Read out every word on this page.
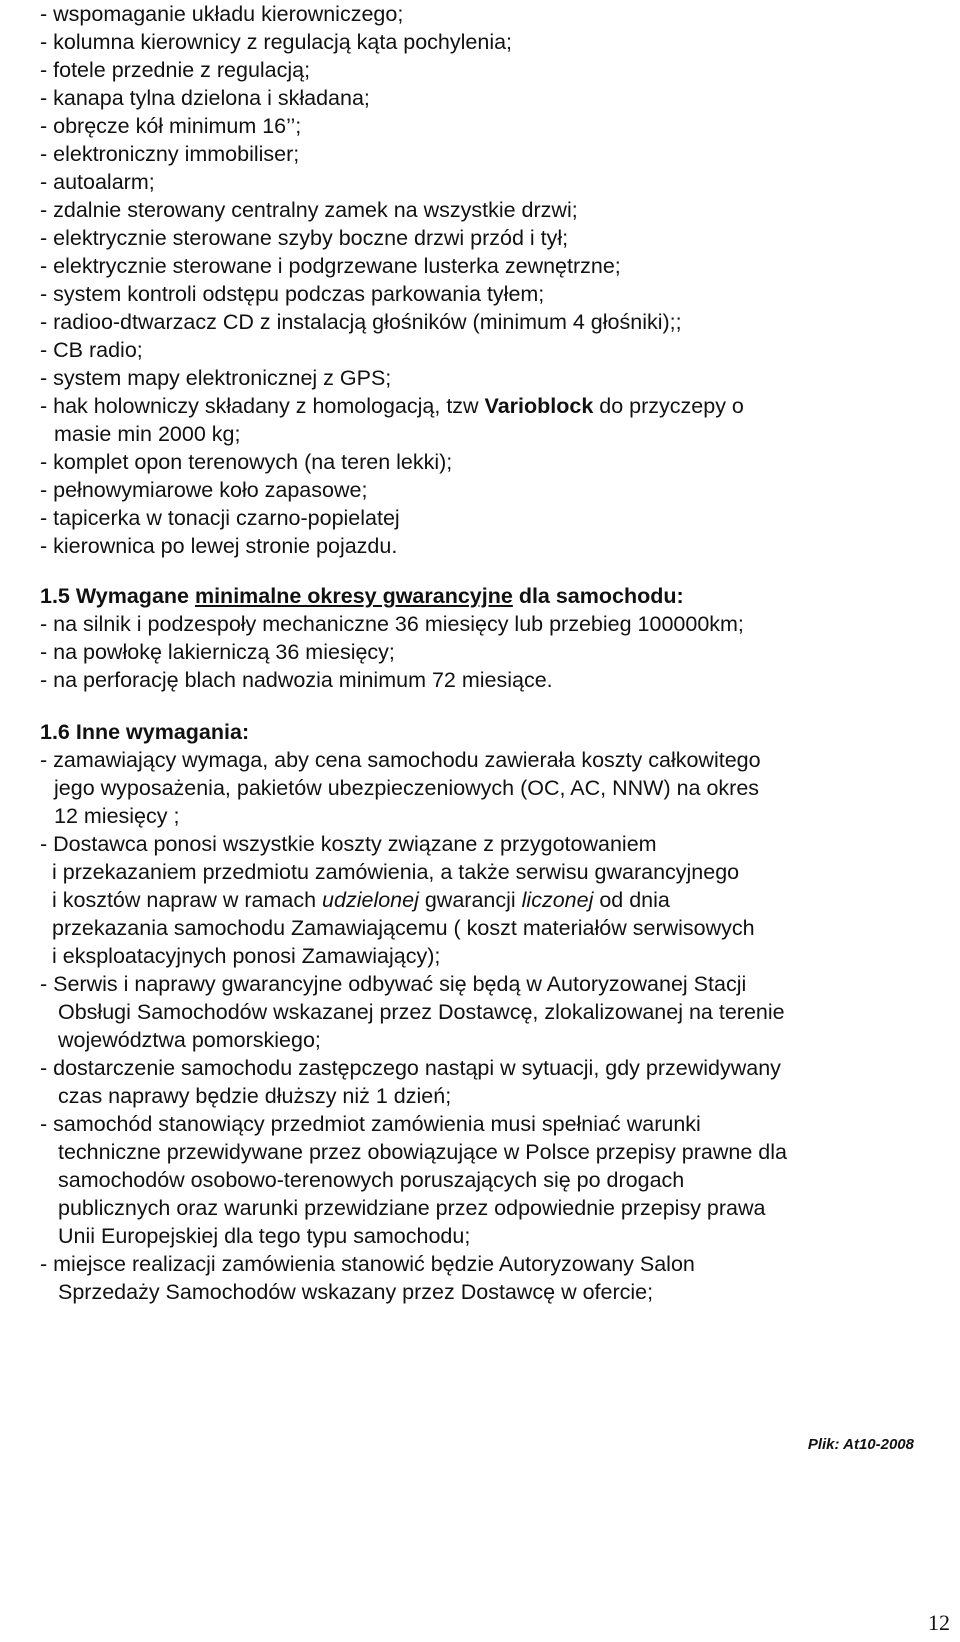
- wspomaganie układu kierowniczego;
- kolumna kierownicy z regulacją kąta pochylenia;
- fotele przednie z regulacją;
- kanapa tylna dzielona i składana;
- obręcze kół minimum 16’’;
- elektroniczny immobiliser;
- autoalarm;
- zdalnie sterowany centralny zamek na wszystkie drzwi;
- elektrycznie sterowane szyby boczne drzwi przód i tył;
- elektrycznie sterowane i podgrzewane lusterka zewnętrzne;
- system kontroli odstępu podczas parkowania tyłem;
- radioo-dtwarzacz CD z instalacją głośników (minimum 4 głośniki);;
- CB radio;
- system mapy elektronicznej z GPS;
- hak holowniczy składany z homologacją, tzw Varioblock do przyczepy o
masie min 2000 kg;
- komplet opon terenowych (na teren lekki);
- pełnowymiarowe koło zapasowe;
- tapicerka w tonacji czarno-popielatej
- kierownica po lewej stronie pojazdu.
1.5 Wymagane minimalne okresy gwarancyjne dla samochodu:
- na silnik i podzespoły mechaniczne 36 miesięcy lub przebieg 100000km;
- na powłokę lakierniczą 36 miesięcy;
- na perforację blach nadwozia minimum 72 miesiące.
1.6 Inne wymagania:
- zamawiający wymaga, aby cena samochodu zawierała koszty całkowitego
jego wyposażenia, pakietów ubezpieczeniowych (OC, AC, NNW) na okres
12 miesięcy ;
- Dostawca ponosi wszystkie koszty związane z przygotowaniem
i przekazaniem przedmiotu zamówienia, a także serwisu gwarancyjnego
i kosztów napraw w ramach udzielonej gwarancji liczonej od dnia
przekazania samochodu Zamawiającemu ( koszt materiałów serwisowych
i eksploatacyjnych ponosi Zamawiający);
- Serwis i naprawy gwarancyjne odbywać się będą w Autoryzowanej Stacji
Obsługi Samochodów wskazanej przez Dostawcę, zlokalizowanej na terenie
województwa pomorskiego;
- dostarczenie samochodu zastępczego nastąpi w sytuacji, gdy przewidywany
czas naprawy będzie dłuższy niż 1 dzień;
- samochód stanowiący przedmiot zamówienia musi spełniać warunki
techniczne przewidywane przez obowiązujące w Polsce przepisy prawne dla
samochodów osobowo-terenowych poruszających się po drogach
publicznych oraz warunki przewidziane przez odpowiednie przepisy prawa
Unii Europejskiej dla tego typu samochodu;
- miejsce realizacji zamówienia stanowić będzie Autoryzowany Salon
Sprzedaży Samochodów wskazany przez Dostawcę w ofercie;
Plik: At10-2008
12
